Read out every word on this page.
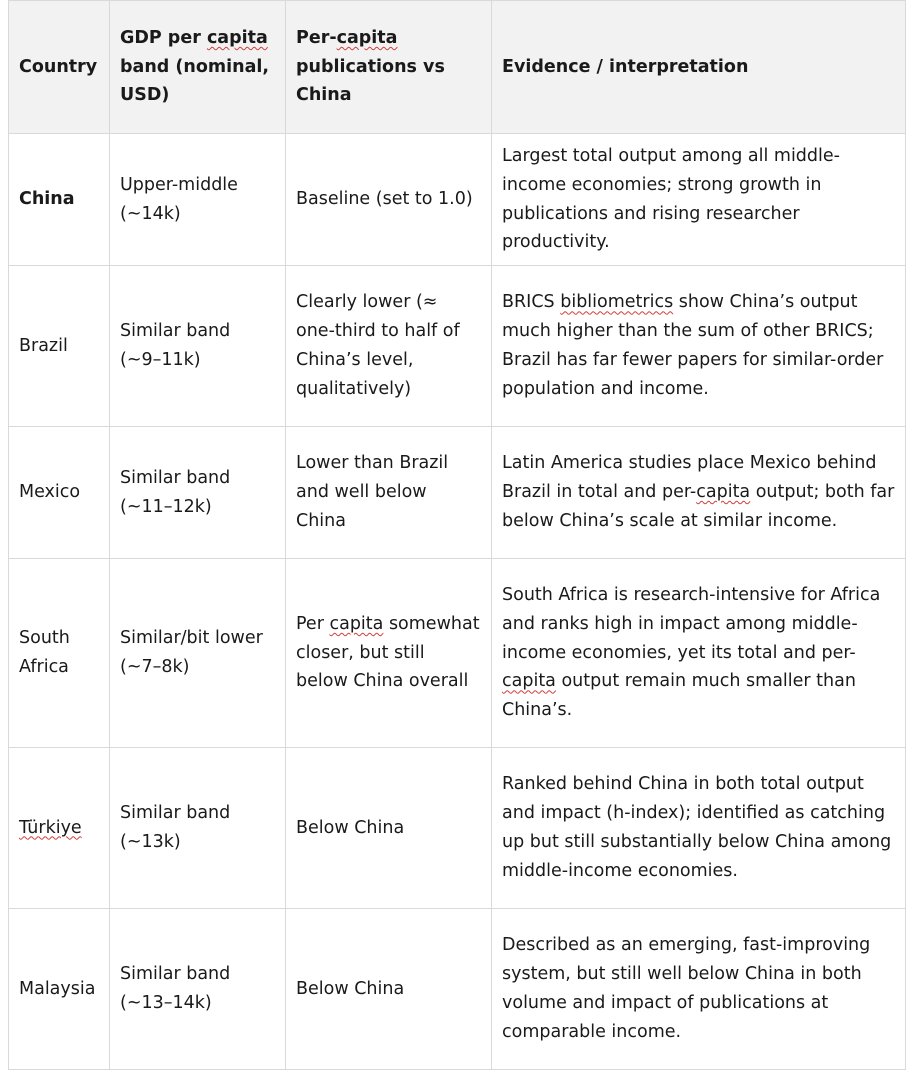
Country	GDP per capita band (nominal, USD)	Per-capita publications vs China	Evidence / interpretation
China	Upper-middle (~14k)	Baseline (set to 1.0)	Largest total output among all middle-income economies; strong growth in publications and rising researcher productivity.
Brazil	Similar band (~9–11k)	Clearly lower (≈ one-third to half of China’s level, qualitatively)	BRICS bibliometrics show China’s output much higher than the sum of other BRICS; Brazil has far fewer papers for similar-order population and income.
Mexico	Similar band (~11–12k)	Lower than Brazil and well below China	Latin America studies place Mexico behind Brazil in total and per-capita output; both far below China’s scale at similar income.
South Africa	Similar/bit lower (~7–8k)	Per capita somewhat closer, but still below China overall	South Africa is research-intensive for Africa and ranks high in impact among middle-income economies, yet its total and per-capita output remain much smaller than China’s.
Türkiye	Similar band (~13k)	Below China	Ranked behind China in both total output and impact (h-index); identified as catching up but still substantially below China among middle-income economies.
Malaysia	Similar band (~13–14k)	Below China	Described as an emerging, fast-improving system, but still well below China in both volume and impact of publications at comparable income.
